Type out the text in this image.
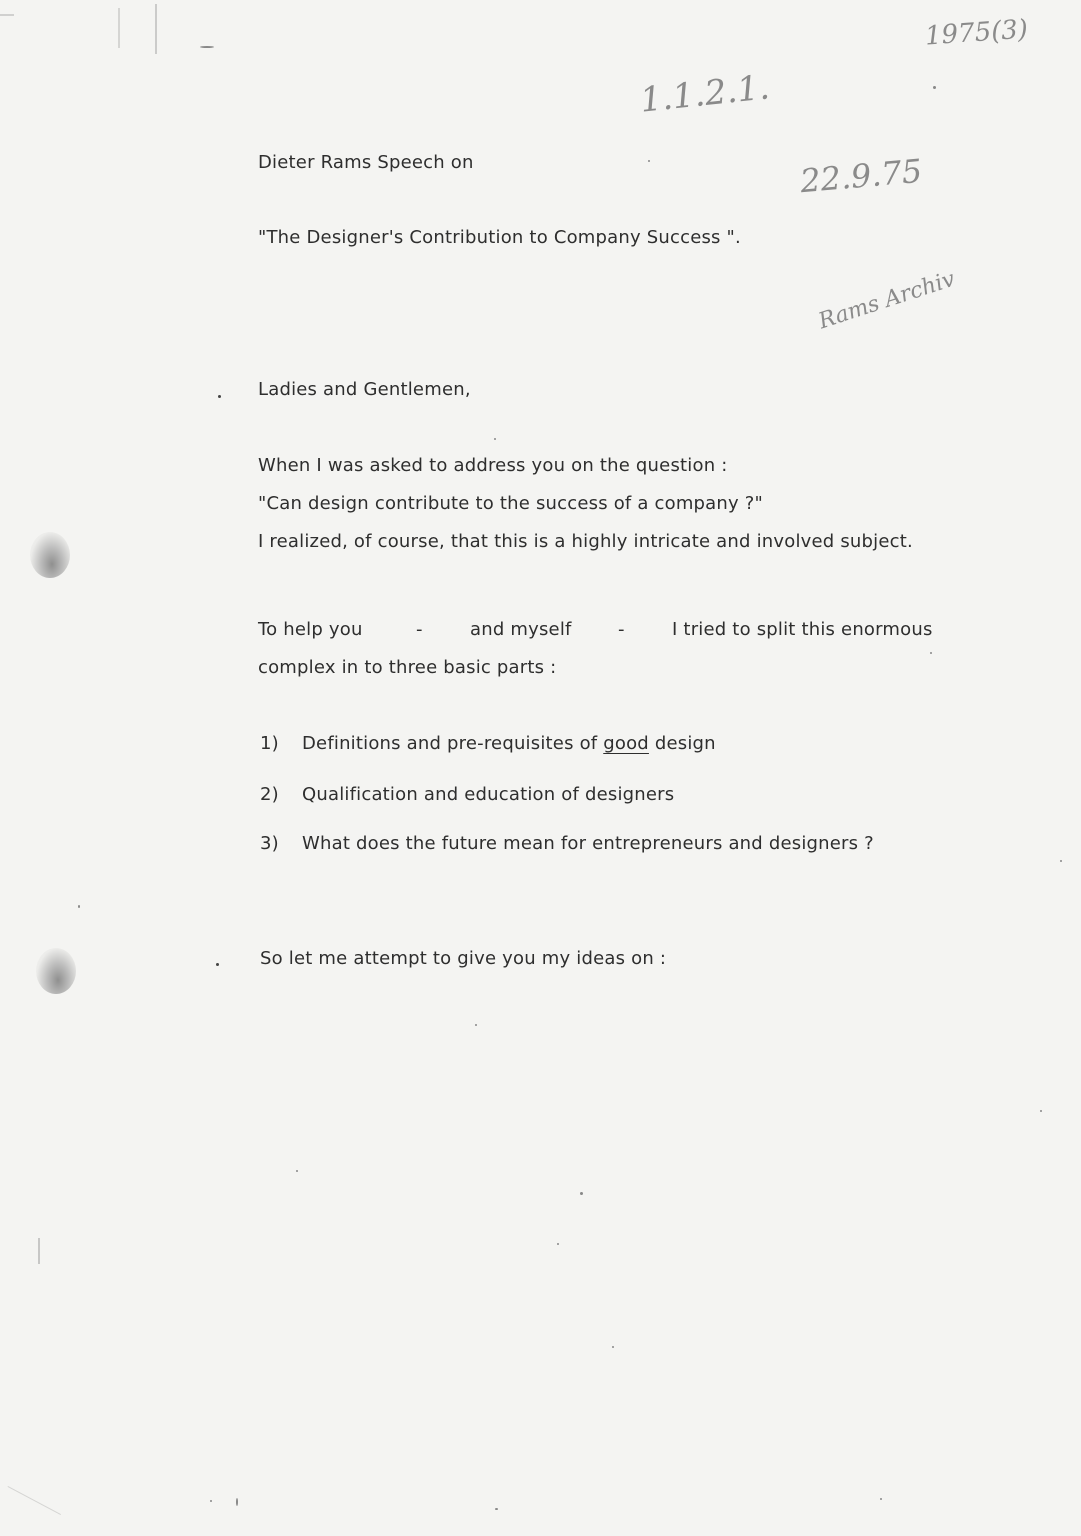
1.1.2.1.
1975(3)
22.9.75
Rams Archiv
Dieter Rams Speech on
"The Designer's Contribution to Company Success ".
Ladies and Gentlemen,
When I was asked to address you on the question :
"Can design contribute to the success of a company ?"
I realized, of course, that this is a highly intricate and involved subject.
To help you	-	and myself	-	I tried to split this enormous
complex in to three basic parts :
1) Definitions and pre-requisites of good design
2) Qualification and education of designers
3) What does the future mean for entrepreneurs and designers ?
So let me attempt to give you my ideas on :
